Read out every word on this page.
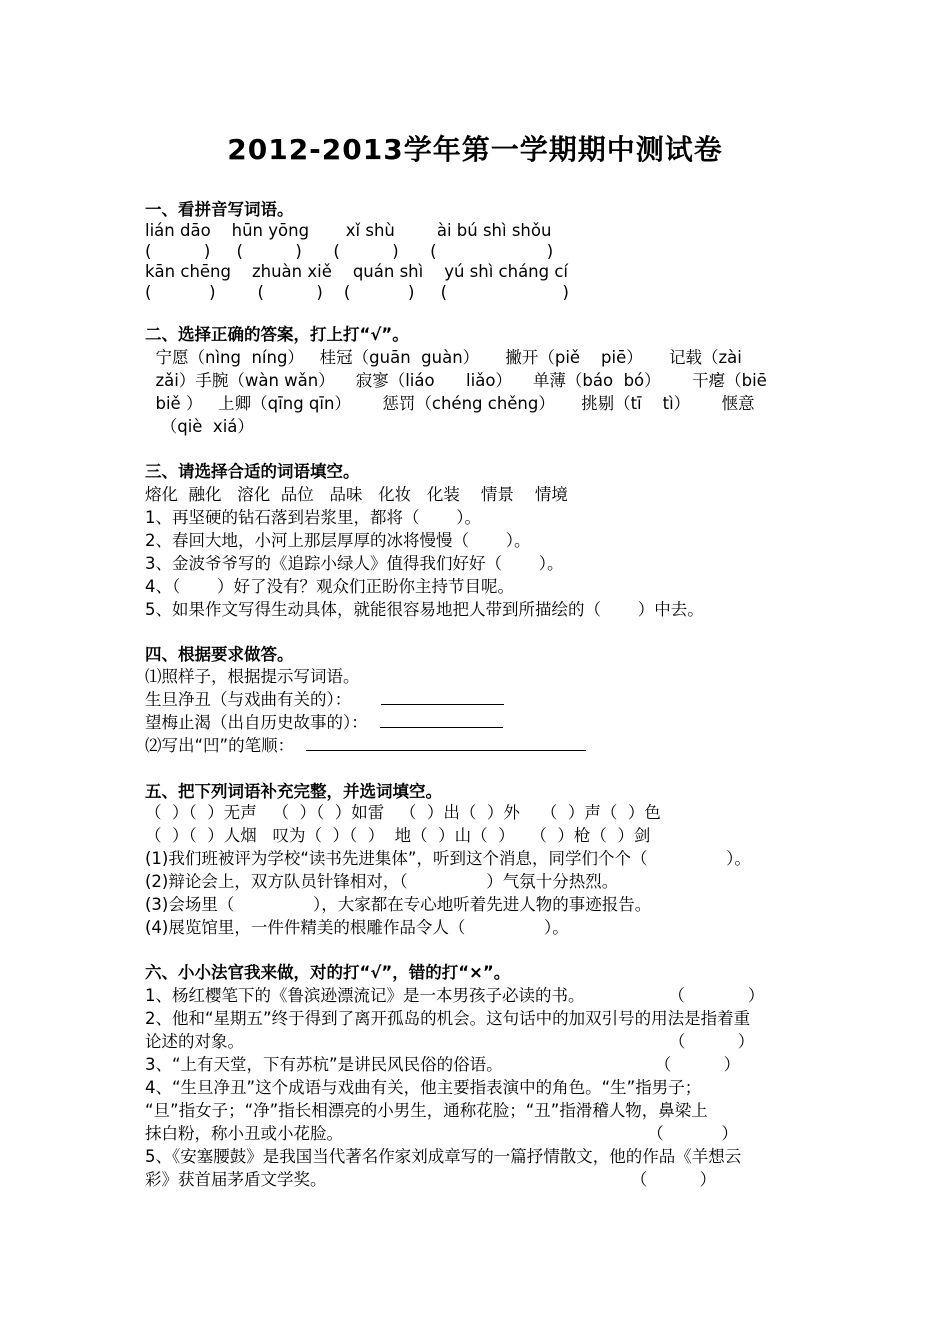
2012-2013学年第一学期期中测试卷
一、看拼音写词语。
lián dāo    hūn yōng       xǐ shù        ài bú shì shǒu
(          )     (          )      (          )      (                     )
kān chēng    zhuàn xiě    quán shì    yú shì cháng cí
(           )        (          )    (           )     (                      )
二、选择正确的答案，打上打“√”。
宁愿（nìng  níng）   桂冠（guān  guàn）     撇开（piě    piē）     记载（zài
zǎi）手腕（wàn wǎn）    寂寥（liáo      liǎo）    单薄（báo  bó）      干瘪（biē
biě ）   上卿（qīng qīn）      惩罚（chéng chěng）     挑剔（tī    tì）      惬意
（qiè  xiá）
三、请选择合适的词语填空。
熔化  融化   溶化  品位   品味   化妆   化装    情景    情境
1、再坚硬的钻石落到岩浆里，都将（       ）。
2、春回大地，小河上那层厚厚的冰将慢慢（       ）。
3、金波爷爷写的《追踪小绿人》值得我们好好（       ）。
4、（       ）好了没有？观众们正盼你主持节目呢。
5、如果作文写得生动具体，就能很容易地把人带到所描绘的（       ）中去。
四、根据要求做答。
⑴照样子，根据提示写词语。
生旦净丑（与戏曲有关的）：
望梅止渴（出自历史故事的）：
⑵写出“凹”的笔顺：
五、把下列词语补充完整，并选词填空。
（  ）（  ）无声   （  ）（  ）如雷   （  ）出（  ）外    （  ）声（  ）色
（  ）（  ）人烟   叹为（  ）（  ）  地（  ）山（  ）   （  ）枪（  ）剑
(1)我们班被评为学校“读书先进集体”，听到这个消息，同学们个个（               ）。
(2)辩论会上，双方队员针锋相对，（               ）气氛十分热烈。
(3)会场里（               ），大家都在专心地听着先进人物的事迹报告。
(4)展览馆里，一件件精美的根雕作品令人（               ）。
六、小小法官我来做，对的打“√”，错的打“×”。
1、杨红樱笔下的《鲁滨逊漂流记》是一本男孩子必读的书。                （            ）
2、他和“星期五”终于得到了离开孤岛的机会。这句话中的加双引号的用法是指着重
论述的对象。                                                                                 （          ）
3、“上有天堂，下有苏杭”是讲民风民俗的俗语。                             （          ）
4、“生旦净丑”这个成语与戏曲有关，他主要指表演中的角色。“生”指男子；
“旦”指女子；“净”指长相漂亮的小男生，通称花脸；“丑”指滑稽人物，鼻梁上
抹白粉，称小丑或小花脸。                                                          （           ）
5、《安塞腰鼓》是我国当代著名作家刘成章写的一篇抒情散文，他的作品《羊想云
彩》获首届茅盾文学奖。                                                          （          ）
